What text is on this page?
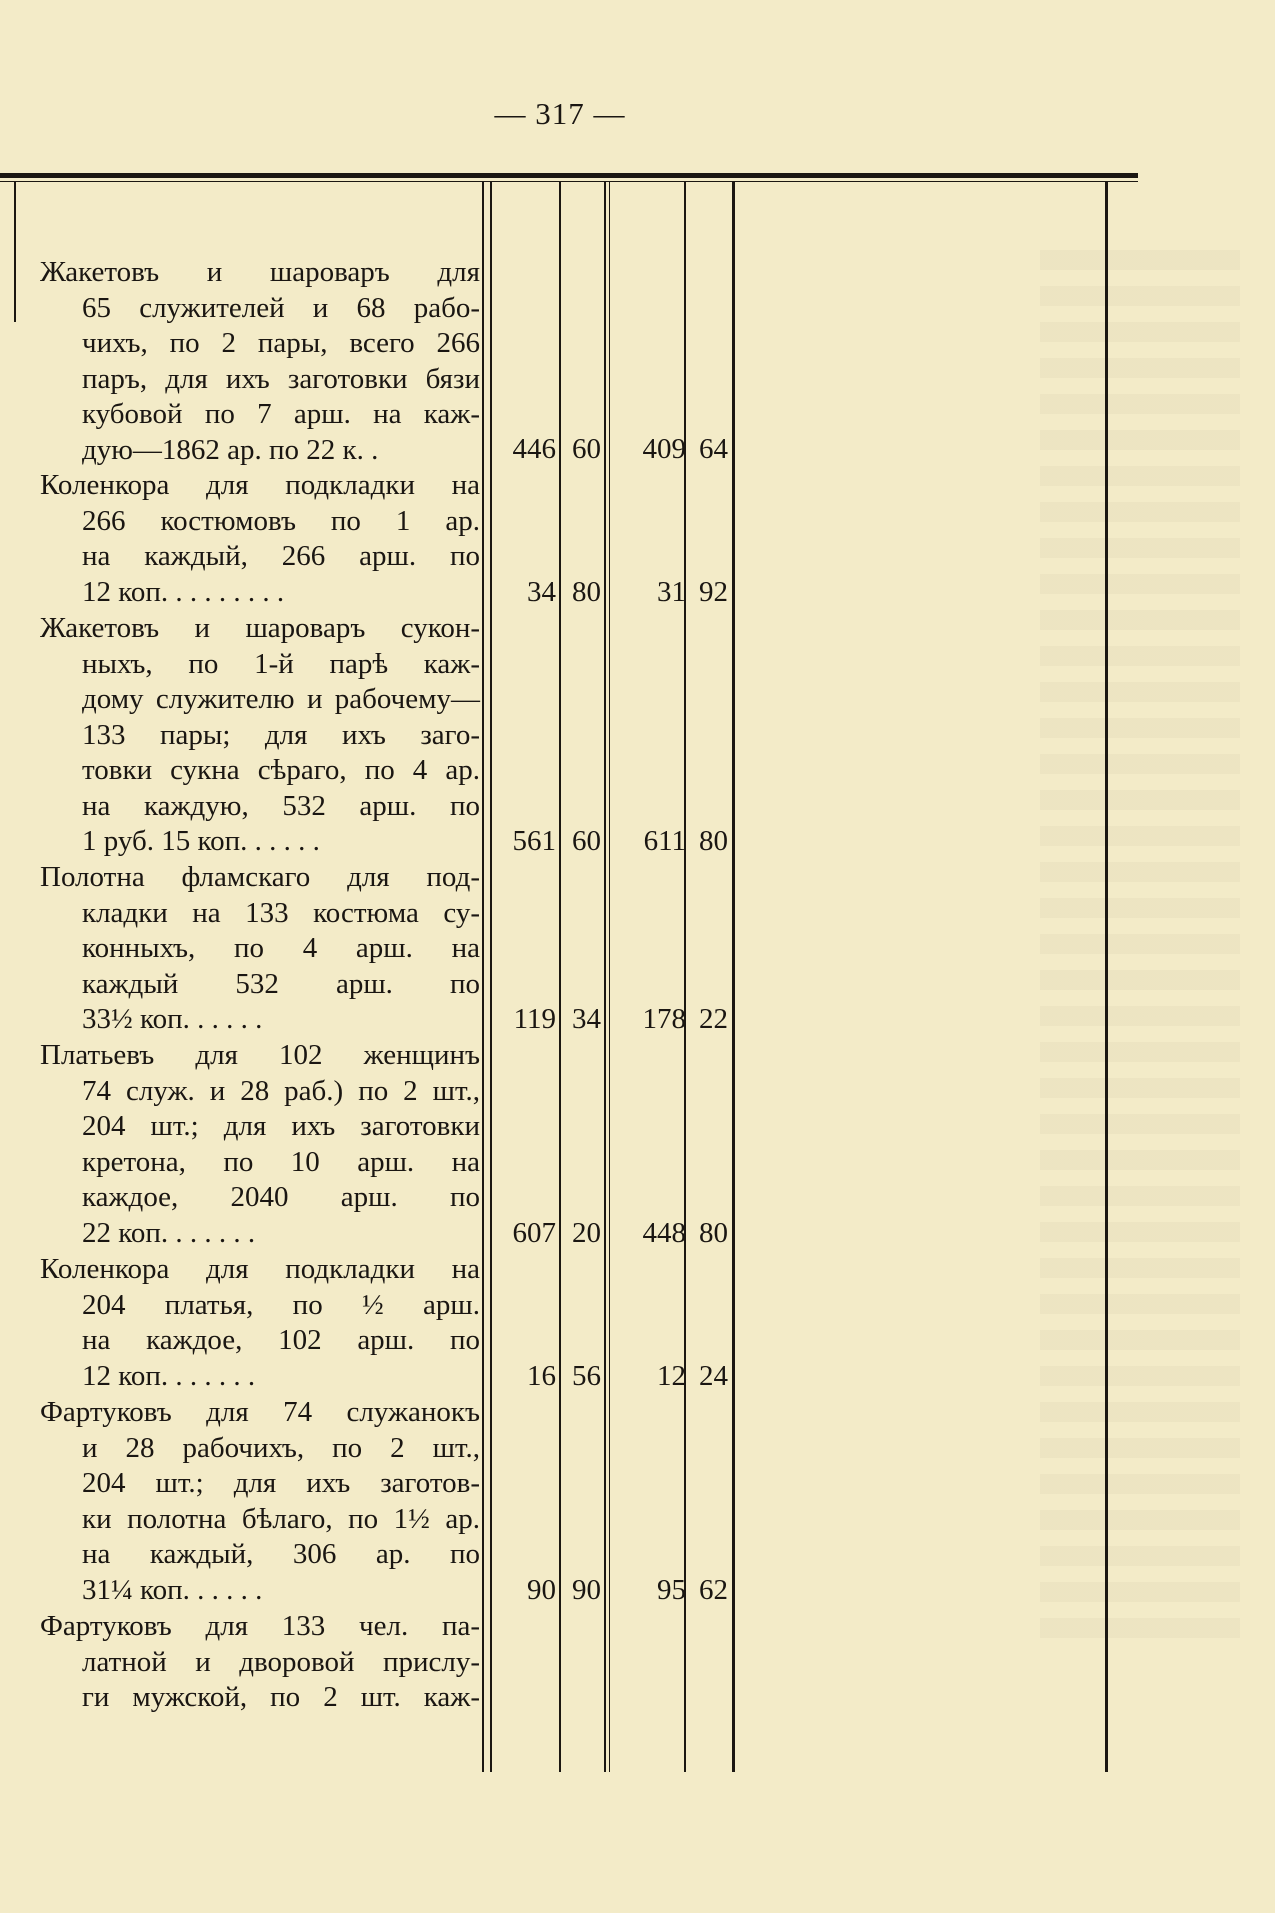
— 317 —
Жакетовъ и шароваръ для
65 служителей и 68 рабо-
чихъ, по 2 пары, всего 266
паръ, для ихъ заготовки бязи
кубовой по 7 арш. на каж-
дую—1862 ар. по 22 к. .	446 60	409 64
Коленкора для подкладки на
266 костюмовъ по 1 ар.
на каждый, 266 арш. по
12 коп. . . . . . . . .	34 80	31 92
Жакетовъ и шароваръ сукон-
ныхъ, по 1-й парѣ каж-
дому служителю и рабочему—
133 пары; для ихъ заго-
товки сукна сѣраго, по 4 ар.
на каждую, 532 арш. по
1 руб. 15 коп. . . . . .	561 60	611 80
Полотна фламскаго для под-
кладки на 133 костюма су-
конныхъ, по 4 арш. на
каждый 532 арш. по
33½ коп. . . . . .	119 34	178 22
Платьевъ для 102 женщинъ
74 служ. и 28 раб.) по 2 шт.,
204 шт.; для ихъ заготовки
кретона, по 10 арш. на
каждое, 2040 арш. по
22 коп. . . . . . .	607 20	448 80
Коленкора для подкладки на
204 платья, по ½ арш.
на каждое, 102 арш. по
12 коп. . . . . . .	16 56	12 24
Фартуковъ для 74 служанокъ
и 28 рабочихъ, по 2 шт.,
204 шт.; для ихъ заготов-
ки полотна бѣлаго, по 1½ ар.
на каждый, 306 ар. по
31¼ коп. . . . . .	90 90	95 62
Фартуковъ для 133 чел. па-
латной и дворовой прислу-
ги мужской, по 2 шт. каж-
